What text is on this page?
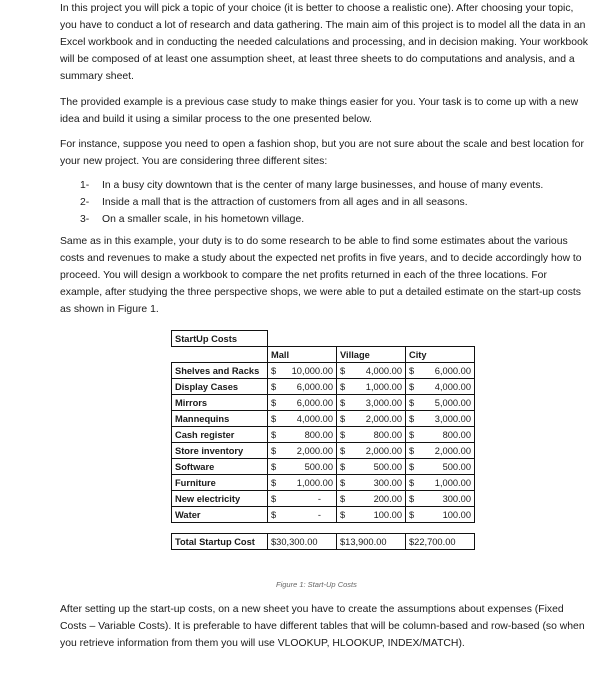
In this project you will pick a topic of your choice (it is better to choose a realistic one). After choosing your topic, you have to conduct a lot of research and data gathering. The main aim of this project is to model all the data in an Excel workbook and in conducting the needed calculations and processing, and in decision making. Your workbook will be composed of at least one assumption sheet, at least three sheets to do computations and analysis, and a summary sheet.

The provided example is a previous case study to make things easier for you. Your task is to come up with a new idea and build it using a similar process to the one presented below.

For instance, suppose you need to open a fashion shop, but you are not sure about the scale and best location for your new project. You are considering three different sites:

1-	In a busy city downtown that is the center of many large businesses, and house of many events.
2-	Inside a mall that is the attraction of customers from all ages and in all seasons.
3-	On a smaller scale, in his hometown village.

Same as in this example, your duty is to do some research to be able to find some estimates about the various costs and revenues to make a study about the expected net profits in five years, and to decide accordingly how to proceed. You will design a workbook to compare the net profits returned in each of the three locations. For example, after studying the three perspective shops, we were able to put a detailed estimate on the start-up costs as shown in Figure 1.

StartUp Costs			
	Mall	Village	City
Shelves and Racks	$ 10,000.00	$ 4,000.00	$ 6,000.00

Display Cases	$ 6,000.00	$ 1,000.00	$ 4,000.00

Mirrors	$ 6,000.00	$ 3,000.00	$ 5,000.00

Mannequins	$ 4,000.00	$ 2,000.00	$ 3,000.00

Cash register	$ 800.00	$ 800.00	$ 800.00

Store inventory	$ 2,000.00	$ 2,000.00	$ 2,000.00

Software	$ 500.00	$ 500.00	$ 500.00

Furniture	$ 1,000.00	$ 300.00	$ 1,000.00

New electricity	$ -	$ 200.00	$ 300.00

Water	$ -	$ 100.00	$ 100.00

Total Startup Cost	$30,300.00	$13,900.00	$22,700.00
Figure 1: Start-Up Costs

After setting up the start-up costs, on a new sheet you have to create the assumptions about expenses (Fixed Costs – Variable Costs). It is preferable to have different tables that will be column-based and row-based (so when you retrieve information from them you will use VLOOKUP, HLOOKUP, INDEX/MATCH).
